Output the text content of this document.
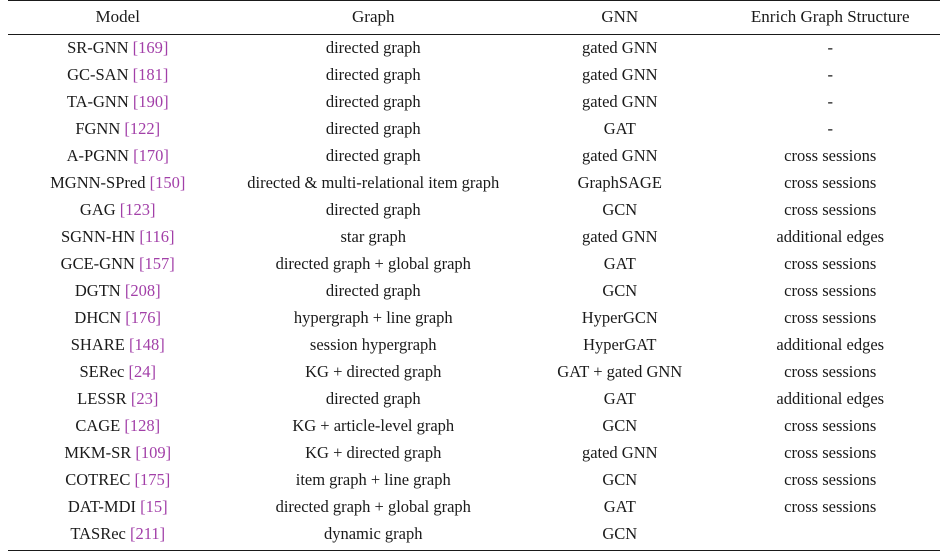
Model	Graph	GNN	Enrich Graph Structure
SR-GNN [169]	directed graph	gated GNN	-
GC-SAN [181]	directed graph	gated GNN	-
TA-GNN [190]	directed graph	gated GNN	-
FGNN [122]	directed graph	GAT	-
A-PGNN [170]	directed graph	gated GNN	cross sessions
MGNN-SPred [150]	directed & multi-relational item graph	GraphSAGE	cross sessions
GAG [123]	directed graph	GCN	cross sessions
SGNN-HN [116]	star graph	gated GNN	additional edges
GCE-GNN [157]	directed graph + global graph	GAT	cross sessions
DGTN [208]	directed graph	GCN	cross sessions
DHCN [176]	hypergraph + line graph	HyperGCN	cross sessions
SHARE [148]	session hypergraph	HyperGAT	additional edges
SERec [24]	KG + directed graph	GAT + gated GNN	cross sessions
LESSR [23]	directed graph	GAT	additional edges
CAGE [128]	KG + article-level graph	GCN	cross sessions
MKM-SR [109]	KG + directed graph	gated GNN	cross sessions
COTREC [175]	item graph + line graph	GCN	cross sessions
DAT-MDI [15]	directed graph + global graph	GAT	cross sessions
TASRec [211]	dynamic graph	GCN	
